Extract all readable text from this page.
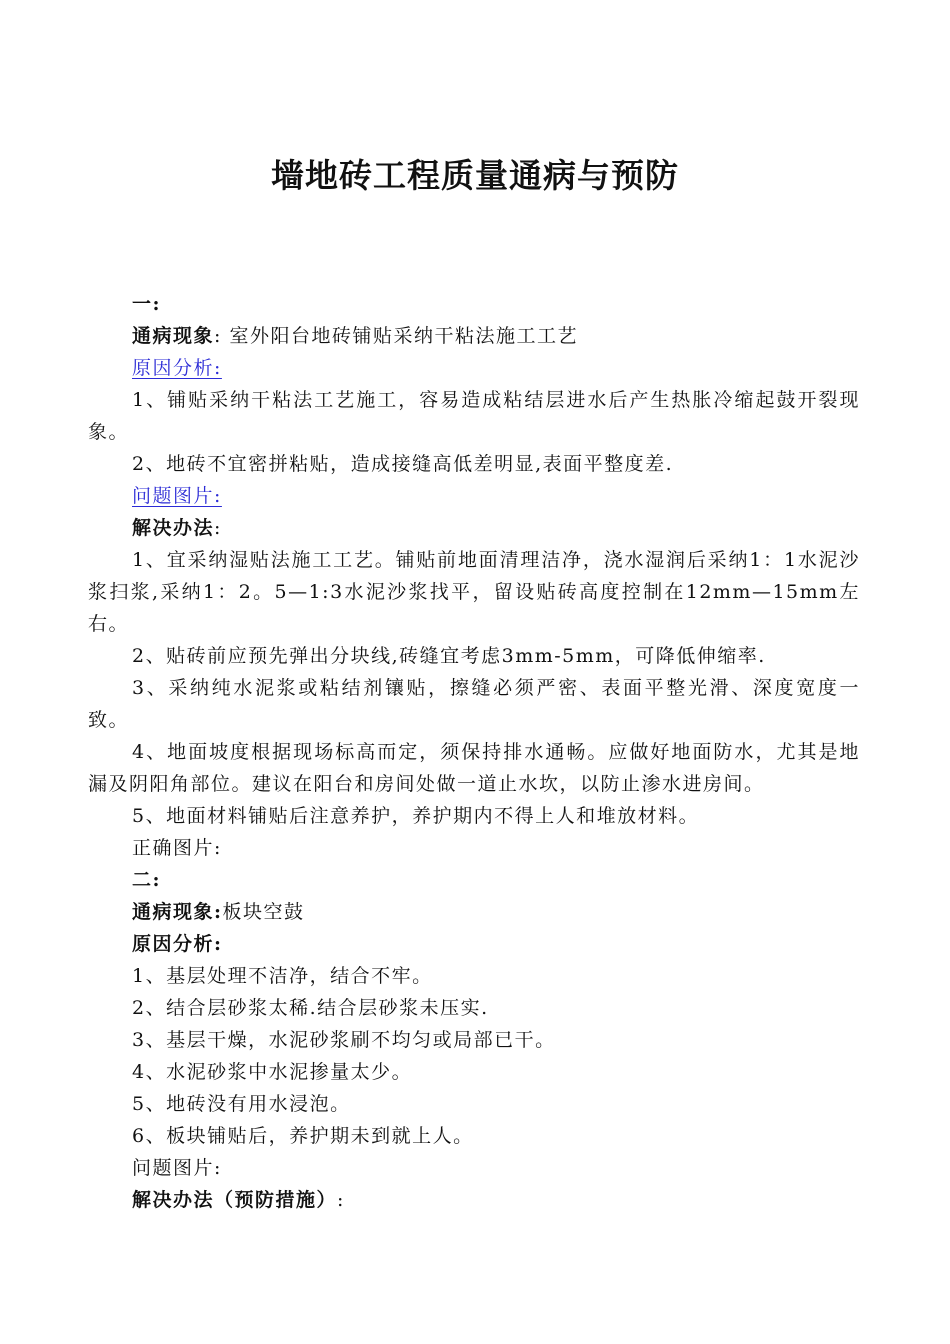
墙地砖工程质量通病与预防

一:

通病现象: 室外阳台地砖铺贴采纳干粘法施工工艺

原因分析:

1、铺贴采纳干粘法工艺施工，容易造成粘结层进水后产生热胀冷缩起鼓开裂现象。

2、地砖不宜密拼粘贴，造成接缝高低差明显,表面平整度差.

问题图片:

解决办法:

1、宜采纳湿贴法施工工艺。铺贴前地面清理洁净，浇水湿润后采纳1：1水泥沙浆扫浆,采纳1：2。5—1:3水泥沙浆找平，留设贴砖高度控制在12mm—15mm左右。

2、贴砖前应预先弹出分块线,砖缝宜考虑3mm-5mm，可降低伸缩率.

3、采纳纯水泥浆或粘结剂镶贴，擦缝必须严密、表面平整光滑、深度宽度一致。

4、地面坡度根据现场标高而定，须保持排水通畅。应做好地面防水，尤其是地漏及阴阳角部位。建议在阳台和房间处做一道止水坎，以防止渗水进房间。

5、地面材料铺贴后注意养护，养护期内不得上人和堆放材料。

正确图片:

二:

通病现象:板块空鼓

原因分析:

1、基层处理不洁净，结合不牢。

2、结合层砂浆太稀.结合层砂浆未压实.

3、基层干燥，水泥砂浆刷不均匀或局部已干。

4、水泥砂浆中水泥掺量太少。

5、地砖没有用水浸泡。

6、板块铺贴后，养护期未到就上人。

问题图片:

解决办法（预防措施）:
